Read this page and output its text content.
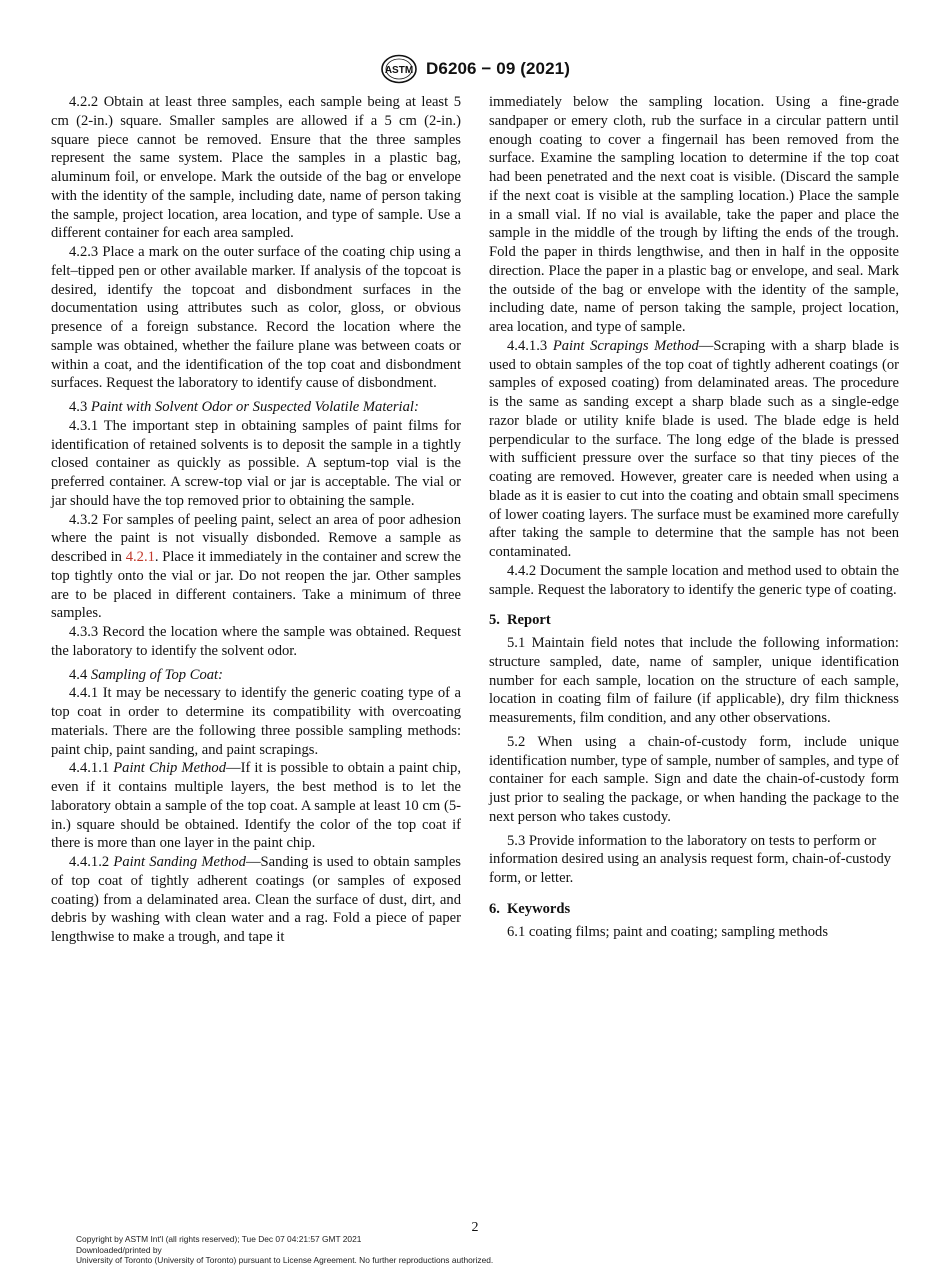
ASTM D6206 − 09 (2021)

4.2.2 Obtain at least three samples, each sample being at least 5 cm (2-in.) square. Smaller samples are allowed if a 5 cm (2-in.) square piece cannot be removed. Ensure that the three samples represent the same system. Place the samples in a plastic bag, aluminum foil, or envelope. Mark the outside of the bag or envelope with the identity of the sample, including date, name of person taking the sample, project location, area location, and type of sample. Use a different container for each area sampled.

4.2.3 Place a mark on the outer surface of the coating chip using a felt–tipped pen or other available marker. If analysis of the topcoat is desired, identify the topcoat and disbondment surfaces in the documentation using attributes such as color, gloss, or obvious presence of a foreign substance. Record the location where the sample was obtained, whether the failure plane was between coats or within a coat, and the identification of the top coat and disbondment surfaces. Request the laboratory to identify cause of disbondment.

4.3 Paint with Solvent Odor or Suspected Volatile Material:

4.3.1 The important step in obtaining samples of paint films for identification of retained solvents is to deposit the sample in a tightly closed container as quickly as possible. A septum-top vial is the preferred container. A screw-top vial or jar is acceptable. The vial or jar should have the top removed prior to obtaining the sample.

4.3.2 For samples of peeling paint, select an area of poor adhesion where the paint is not visually disbonded. Remove a sample as described in 4.2.1. Place it immediately in the container and screw the top tightly onto the vial or jar. Do not reopen the jar. Other samples are to be placed in different containers. Take a minimum of three samples.

4.3.3 Record the location where the sample was obtained. Request the laboratory to identify the solvent odor.

4.4 Sampling of Top Coat:

4.4.1 It may be necessary to identify the generic coating type of a top coat in order to determine its compatibility with overcoating materials. There are the following three possible sampling methods: paint chip, paint sanding, and paint scrapings.

4.4.1.1 Paint Chip Method—If it is possible to obtain a paint chip, even if it contains multiple layers, the best method is to let the laboratory obtain a sample of the top coat. A sample at least 10 cm (5-in.) square should be obtained. Identify the color of the top coat if there is more than one layer in the paint chip.

4.4.1.2 Paint Sanding Method—Sanding is used to obtain samples of top coat of tightly adherent coatings (or samples of exposed coating) from a delaminated area. Clean the surface of dust, dirt, and debris by washing with clean water and a rag. Fold a piece of paper lengthwise to make a trough, and tape it

immediately below the sampling location. Using a fine-grade sandpaper or emery cloth, rub the surface in a circular pattern until enough coating to cover a fingernail has been removed from the surface. Examine the sampling location to determine if the top coat had been penetrated and the next coat is visible. (Discard the sample if the next coat is visible at the sampling location.) Place the sample in a small vial. If no vial is available, take the paper and place the sample in the middle of the trough by lifting the ends of the trough. Fold the paper in thirds lengthwise, and then in half in the opposite direction. Place the paper in a plastic bag or envelope, and seal. Mark the outside of the bag or envelope with the identity of the sample, including date, name of person taking the sample, project location, area location, and type of sample.

4.4.1.3 Paint Scrapings Method—Scraping with a sharp blade is used to obtain samples of the top coat of tightly adherent coatings (or samples of exposed coating) from delaminated areas. The procedure is the same as sanding except a sharp blade such as a single-edge razor blade or utility knife blade is used. The blade edge is held perpendicular to the surface. The long edge of the blade is pressed with sufficient pressure over the surface so that tiny pieces of the coating are removed. However, greater care is needed when using a blade as it is easier to cut into the coating and obtain small specimens of lower coating layers. The surface must be examined more carefully after taking the sample to determine that the sample has not been contaminated.

4.4.2 Document the sample location and method used to obtain the sample. Request the laboratory to identify the generic type of coating.

5. Report

5.1 Maintain field notes that include the following information: structure sampled, date, name of sampler, unique identification number for each sample, location on the structure of each sample, location in coating film of failure (if applicable), dry film thickness measurements, film condition, and any other observations.

5.2 When using a chain-of-custody form, include unique identification number, type of sample, number of samples, and type of container for each sample. Sign and date the chain-of-custody form just prior to sealing the package, or when handing the package to the next person who takes custody.

5.3 Provide information to the laboratory on tests to perform or information desired using an analysis request form, chain-of-custody form, or letter.

6. Keywords

6.1 coating films; paint and coating; sampling methods

2
Copyright by ASTM Int'l (all rights reserved); Tue Dec 07 04:21:57 GMT 2021
Downloaded/printed by
University of Toronto (University of Toronto) pursuant to License Agreement. No further reproductions authorized.
